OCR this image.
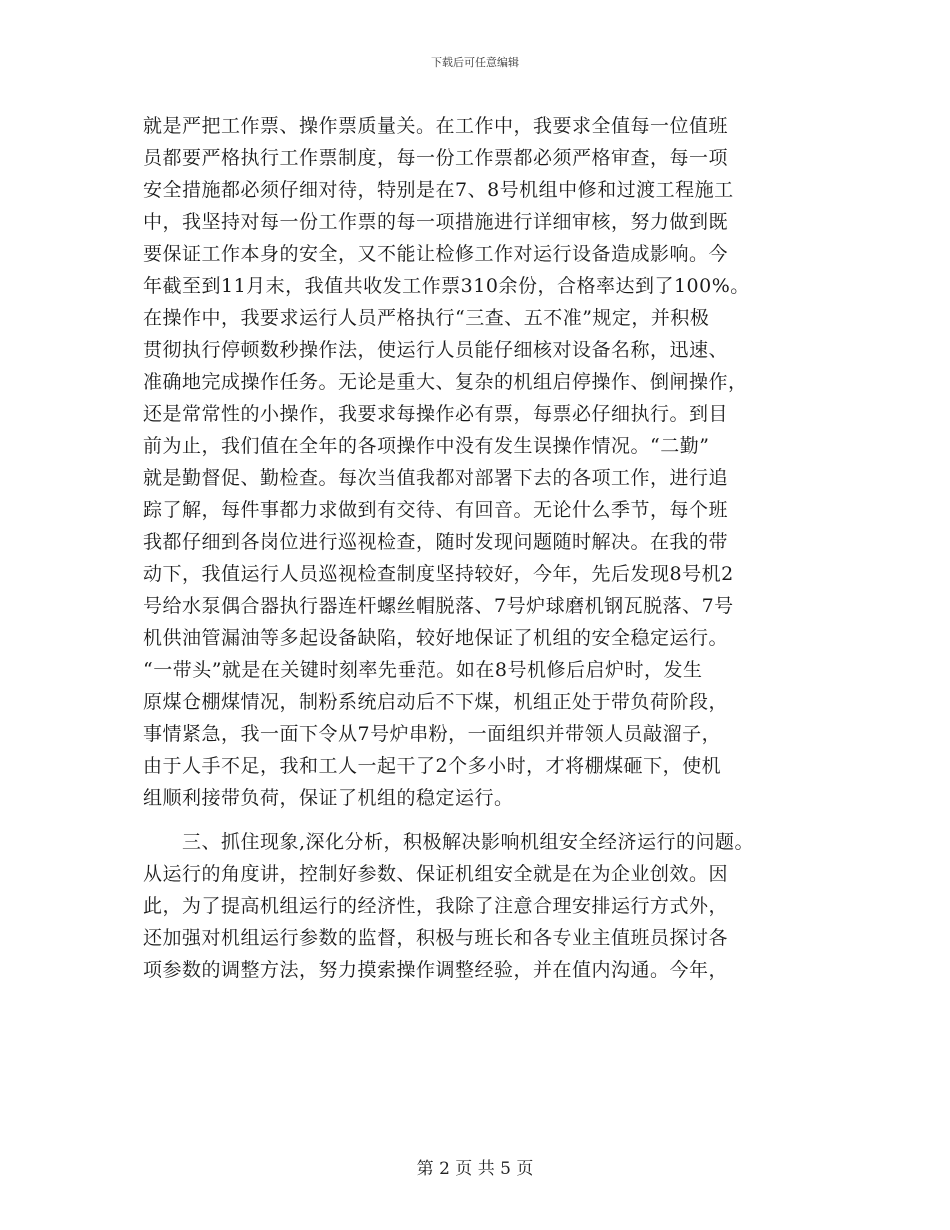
下载后可任意编辑
就是严把工作票、操作票质量关。在工作中，我要求全值每一位值班
员都要严格执行工作票制度，每一份工作票都必须严格审查，每一项
安全措施都必须仔细对待，特别是在7、8号机组中修和过渡工程施工
中，我坚持对每一份工作票的每一项措施进行详细审核，努力做到既
要保证工作本身的安全，又不能让检修工作对运行设备造成影响。今
年截至到11月末，我值共收发工作票310余份，合格率达到了100%。
在操作中，我要求运行人员严格执行“三查、五不准”规定，并积极
贯彻执行停顿数秒操作法，使运行人员能仔细核对设备名称，迅速、
准确地完成操作任务。无论是重大、复杂的机组启停操作、倒闸操作，
还是常常性的小操作，我要求每操作必有票，每票必仔细执行。到目
前为止，我们值在全年的各项操作中没有发生误操作情况。“二勤”
就是勤督促、勤检查。每次当值我都对部署下去的各项工作，进行追
踪了解，每件事都力求做到有交待、有回音。无论什么季节，每个班
我都仔细到各岗位进行巡视检查，随时发现问题随时解决。在我的带
动下，我值运行人员巡视检查制度坚持较好，今年，先后发现8号机2
号给水泵偶合器执行器连杆螺丝帽脱落、7号炉球磨机钢瓦脱落、7号
机供油管漏油等多起设备缺陷，较好地保证了机组的安全稳定运行。
“一带头”就是在关键时刻率先垂范。如在8号机修后启炉时，发生
原煤仓棚煤情况，制粉系统启动后不下煤，机组正处于带负荷阶段，
事情紧急，我一面下令从7号炉串粉，一面组织并带领人员敲溜子，
由于人手不足，我和工人一起干了2个多小时，才将棚煤砸下，使机
组顺利接带负荷，保证了机组的稳定运行。
　　三、抓住现象,深化分析，积极解决影响机组安全经济运行的问题。
从运行的角度讲，控制好参数、保证机组安全就是在为企业创效。因
此，为了提高机组运行的经济性，我除了注意合理安排运行方式外，
还加强对机组运行参数的监督，积极与班长和各专业主值班员探讨各
项参数的调整方法，努力摸索操作调整经验，并在值内沟通。今年，
第 2 页 共 5 页
